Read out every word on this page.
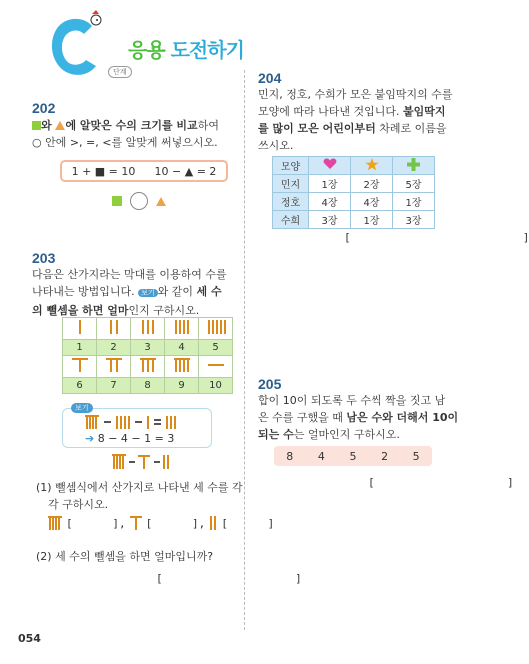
단계
응용 도전하기
202
와 에 알맞은 수의 크기를 비교하여
○ 안에 >, =, <를 알맞게 써넣으시오.
1 + ■ = 10 10 − ▲ = 2
203
다음은 산가지라는 막대를 이용하여 수를
나타내는 방법입니다. 보기 와 같이 세 수
의 뺄셈을 하면 얼마인지 구하시오.

1	2	3	4	5

6	7	8	9	10
보기
➔ 8 − 4 − 1 = 3
(1) 뺄셈식에서 산가지로 나타낸 세 수를 각
각 구하시오.
[      ], [      ], [      ]
(2) 세 수의 뺄셈을 하면 얼마입니까?
[                    ]
204
민지, 정호, 수희가 모은 붙임딱지의 수를
모양에 따라 나타낸 것입니다. 붙임딱지
를 많이 모은 어린이부터 차례로 이름을
쓰시오.
모양			
민지	1장	2장	5장
정호	4장	4장	1장
수희	3장	1장	3장
[                          ]
205
합이 10이 되도록 두 수씩 짝을 짓고 남
은 수를 구했을 때 남은 수와 더해서 10이
되는 수는 얼마인지 구하시오.
8 4 5 2 5
[                    ]
054
